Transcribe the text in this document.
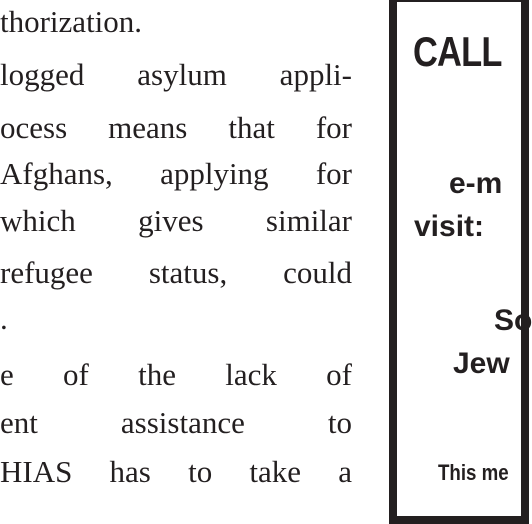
thorization.
logged asylum appli-
ocess means that for
Afghans, applying for
which gives similar
refugee status, could
.
e of the lack of
ent assistance to
HIAS has to take a
CALL
e-m
visit:
So
Jew
This me
